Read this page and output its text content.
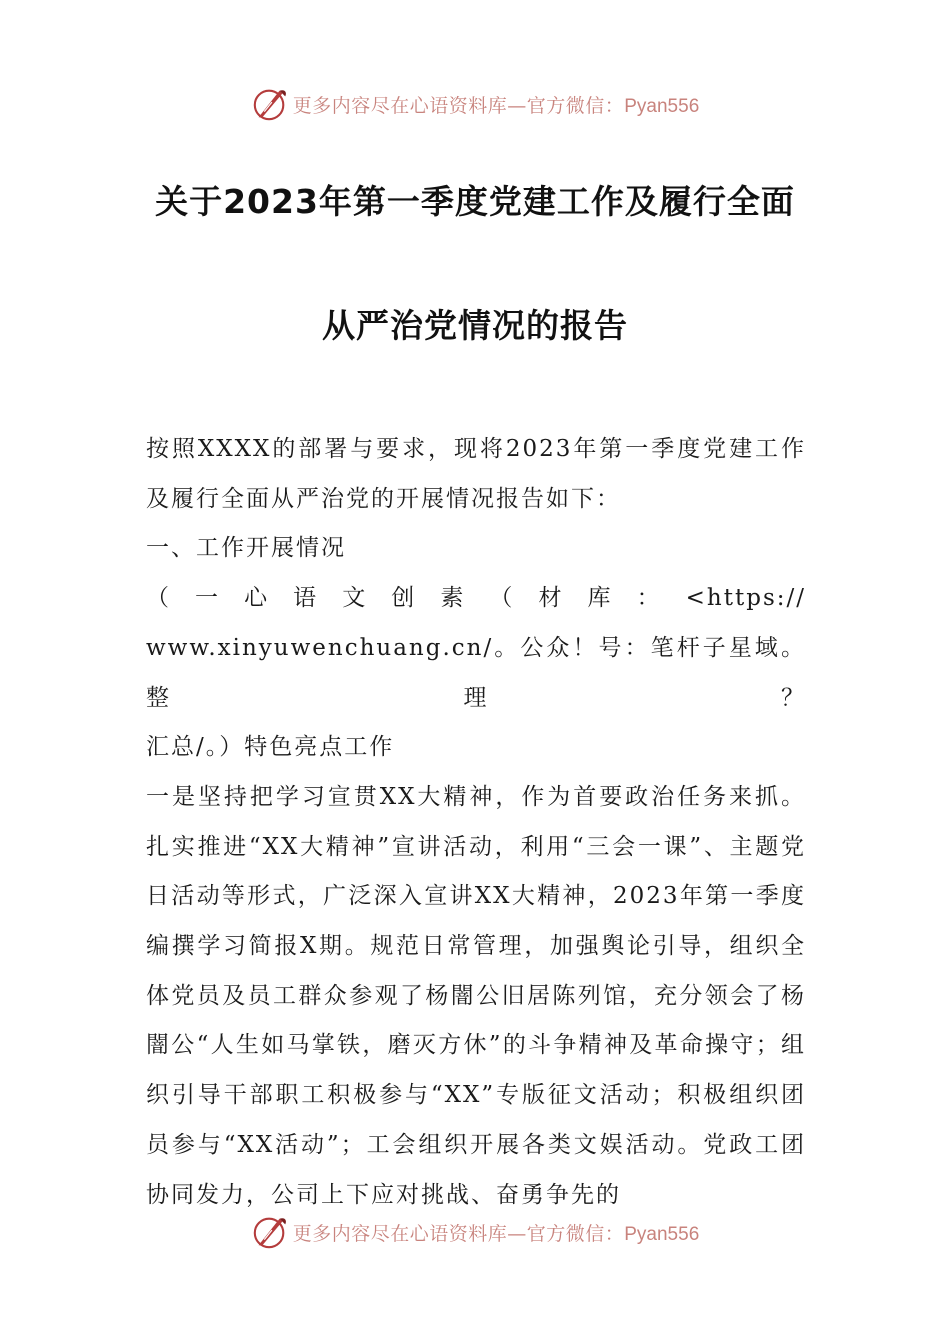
更多内容尽在心语资料库—官方微信：Pyan556
关于2023年第一季度党建工作及履行全面
从严治党情况的报告

按照XXXX的部署与要求，现将2023年第一季度党建工作及履行全面从严治党的开展情况报告如下：

一、工作开展情况

（一心语文创素（材库：<https://

www.xinyuwenchuang.cn/。公众！号：笔杆子星域。整理？

汇总/。）特色亮点工作

一是坚持把学习宣贯XX大精神，作为首要政治任务来抓。扎实推进“XX大精神”宣讲活动，利用“三会一课”、主题党日活动等形式，广泛深入宣讲XX大精神，2023年第一季度编撰学习简报X期。规范日常管理，加强舆论引导，组织全体党员及员工群众参观了杨闇公旧居陈列馆，充分领会了杨闇公“人生如马掌铁，磨灭方休”的斗争精神及革命操守；组织引导干部职工积极参与“XX”专版征文活动；积极组织团员参与“XX活动”；工会组织开展各类文娱活动。党政工团协同发力，公司上下应对挑战、奋勇争先的

更多内容尽在心语资料库—官方微信：Pyan556
